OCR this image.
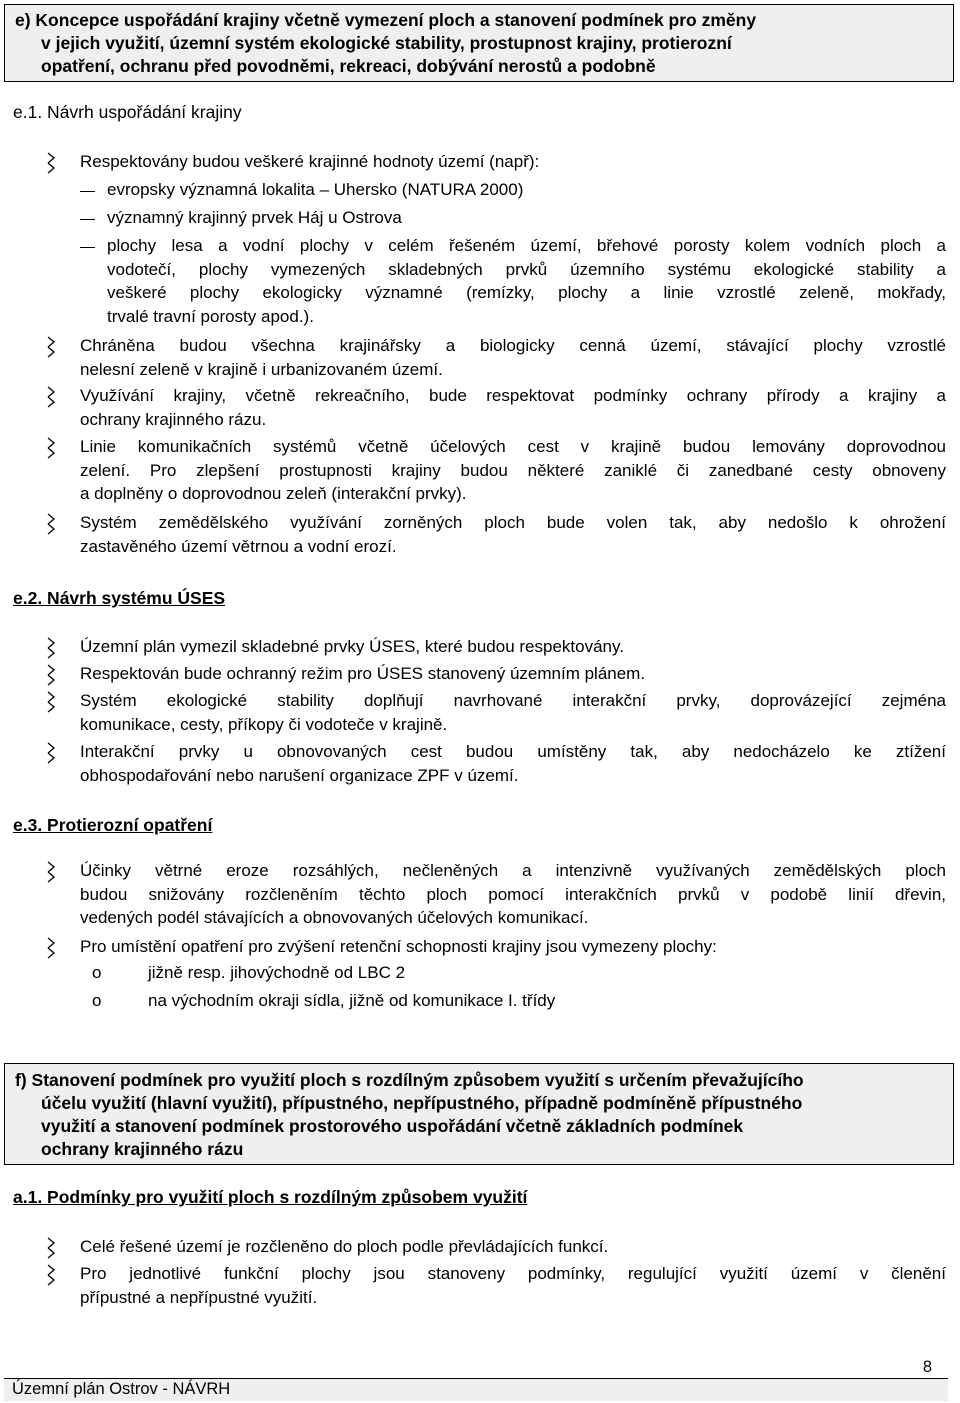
e) Koncepce uspořádání krajiny včetně vymezení ploch a stanovení podmínek pro změny
v jejich využití, územní systém ekologické stability, prostupnost krajiny, protierozní
opatření, ochranu před povodněmi, rekreaci, dobývání nerostů a podobně
e.1. Návrh uspořádání krajiny
Respektovány budou veškeré krajinné hodnoty území (např):
evropsky významná lokalita – Uhersko (NATURA 2000)
významný krajinný prvek Háj u Ostrova
plochy lesa a vodní plochy v celém řešeném území, břehové porosty kolem vodních ploch a
vodotečí, plochy vymezených skladebných prvků územního systému ekologické stability a
veškeré plochy ekologicky významné (remízky, plochy a linie vzrostlé zeleně, mokřady,
trvalé travní porosty apod.).
Chráněna budou všechna krajinářsky a biologicky cenná území, stávající plochy vzrostlé
nelesní zeleně v krajině i urbanizovaném území.
Využívání krajiny, včetně rekreačního, bude respektovat podmínky ochrany přírody a krajiny a
ochrany krajinného rázu.
Linie komunikačních systémů včetně účelových cest v krajině budou lemovány doprovodnou
zelení. Pro zlepšení prostupnosti krajiny budou některé zaniklé či zanedbané cesty obnoveny
a doplněny o doprovodnou zeleň (interakční prvky).
Systém zemědělského využívání zorněných ploch bude volen tak, aby nedošlo k ohrožení
zastavěného území větrnou a vodní erozí.
e.2. Návrh systému ÚSES
Územní plán vymezil skladebné prvky ÚSES, které budou respektovány.
Respektován bude ochranný režim pro ÚSES stanovený územním plánem.
Systém ekologické stability doplňují navrhované interakční prvky, doprovázející zejména
komunikace, cesty, příkopy či vodoteče v krajině.
Interakční prvky u obnovovaných cest budou umístěny tak, aby nedocházelo ke ztížení
obhospodařování nebo narušení organizace ZPF v území.
e.3. Protierozní opatření
Účinky větrné eroze rozsáhlých, nečleněných a intenzivně využívaných zemědělských ploch
budou snižovány rozčleněním těchto ploch pomocí interakčních prvků v podobě linií dřevin,
vedených podél stávajících a obnovovaných účelových komunikací.
Pro umístění opatření pro zvýšení retenční schopnosti krajiny jsou vymezeny plochy:
o	jižně resp. jihovýchodně od LBC 2
o	na východním okraji sídla, jižně od komunikace I. třídy
f) Stanovení podmínek pro využití ploch s rozdílným způsobem využití s určením převažujícího
účelu využití (hlavní využití), přípustného, nepřípustného, případně podmíněně přípustného
využití a stanovení podmínek prostorového uspořádání včetně základních podmínek
ochrany krajinného rázu
a.1. Podmínky pro využití ploch s rozdílným způsobem využití
Celé řešené území je rozčleněno do ploch podle převládajících funkcí.
Pro jednotlivé funkční plochy jsou stanoveny podmínky, regulující využití území v členění
přípustné a nepřípustné využití.
8
Územní plán Ostrov - NÁVRH
